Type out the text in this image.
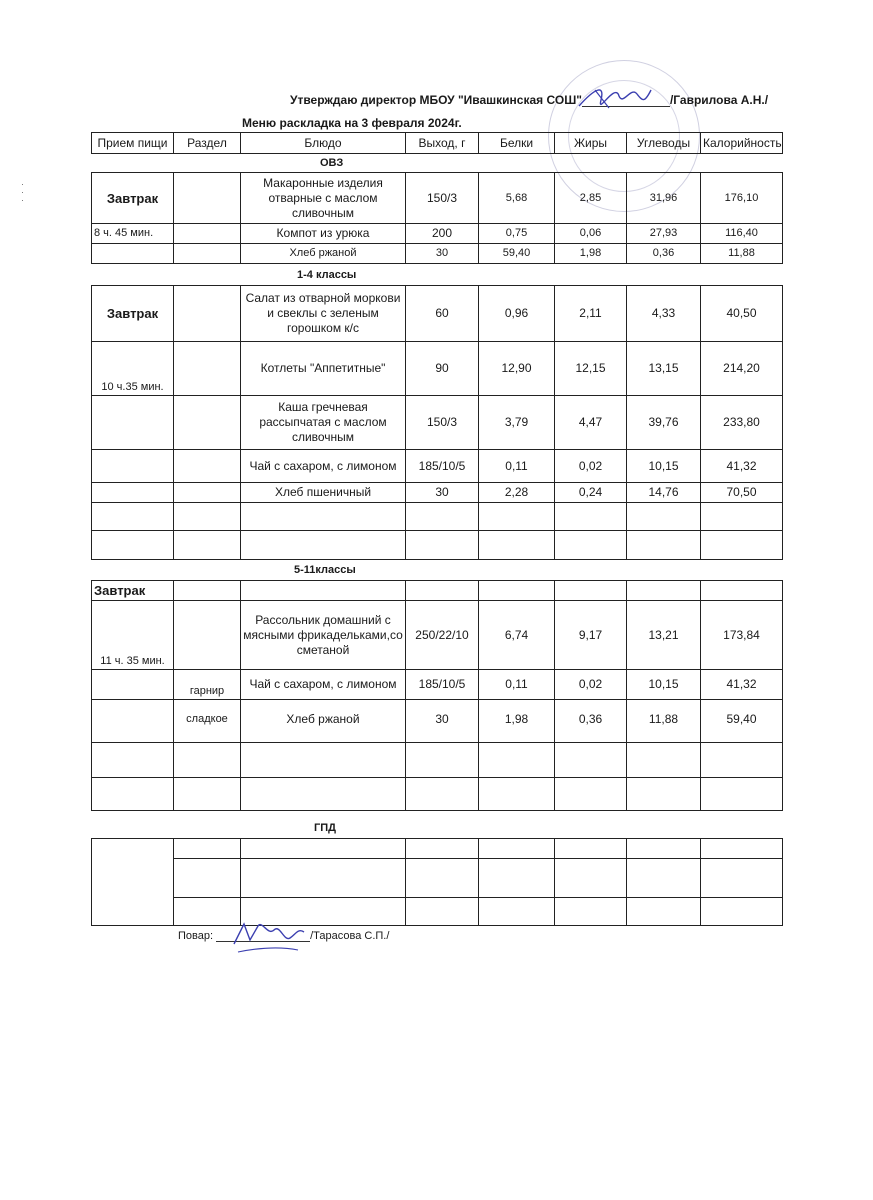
·
·
·
Утверждаю директор МБОУ "Ивашкинская СОШ"	/Гаврилова А.Н./
Меню раскладка на 3 февраля 2024г.
Прием пищи	Раздел	Блюдо	Выход, г	Белки	Жиры	Углеводы	Калорийность
ОВЗ
Завтрак		Макаронные изделия отварные с маслом сливочным	150/3	5,68	2,85	31,96	176,10
8 ч. 45 мин.		Компот из урюка	200	0,75	0,06	27,93	116,40
		Хлеб ржаной	30	59,40	1,98	0,36	11,88
1-4 классы
Завтрак		Салат из отварной моркови и свеклы с зеленым горошком к/с	60	0,96	2,11	4,33	40,50
10 ч.35 мин.		Котлеты "Аппетитные"	90	12,90	12,15	13,15	214,20
		Каша гречневая рассыпчатая с маслом сливочным	150/3	3,79	4,47	39,76	233,80
		Чай с сахаром, с лимоном	185/10/5	0,11	0,02	10,15	41,32
		Хлеб пшеничный	30	2,28	0,24	14,76	70,50

5-11классы
Завтрак							
11 ч. 35 мин.		Рассольник домашний с мясными фрикадельками,со сметаной	250/22/10	6,74	9,17	13,21	173,84
	гарнир	Чай с сахаром, с лимоном	185/10/5	0,11	0,02	10,15	41,32
	сладкое	Хлеб ржаной	30	1,98	0,36	11,88	59,40

ГПД

Повар:	/Тарасова С.П./
